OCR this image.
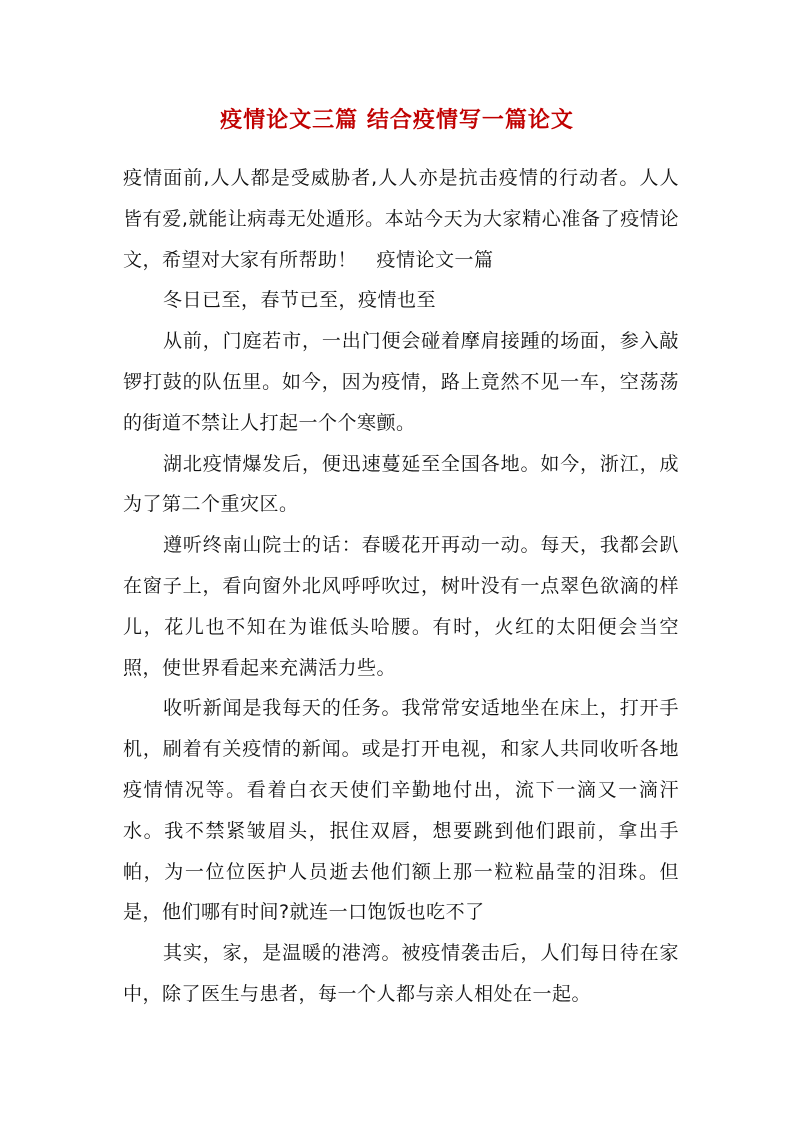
疫情论文三篇 结合疫情写一篇论文

疫情面前,人人都是受威胁者,人人亦是抗击疫情的行动者。人人皆有爱,就能让病毒无处遁形。本站今天为大家精心准备了疫情论文，希望对大家有所帮助！　疫情论文一篇

冬日已至，春节已至，疫情也至

从前，门庭若市，一出门便会碰着摩肩接踵的场面，参入敲锣打鼓的队伍里。如今，因为疫情，路上竟然不见一车，空荡荡的街道不禁让人打起一个个寒颤。

湖北疫情爆发后，便迅速蔓延至全国各地。如今，浙江，成为了第二个重灾区。

遵听终南山院士的话：春暖花开再动一动。每天，我都会趴在窗子上，看向窗外北风呼呼吹过，树叶没有一点翠色欲滴的样儿，花儿也不知在为谁低头哈腰。有时，火红的太阳便会当空照，使世界看起来充满活力些。

收听新闻是我每天的任务。我常常安适地坐在床上，打开手机，刷着有关疫情的新闻。或是打开电视，和家人共同收听各地疫情情况等。看着白衣天使们辛勤地付出，流下一滴又一滴汗水。我不禁紧皱眉头，抿住双唇，想要跳到他们跟前，拿出手帕，为一位位医护人员逝去他们额上那一粒粒晶莹的泪珠。但是，他们哪有时间?就连一口饱饭也吃不了

其实，家，是温暖的港湾。被疫情袭击后，人们每日待在家中，除了医生与患者，每一个人都与亲人相处在一起。
